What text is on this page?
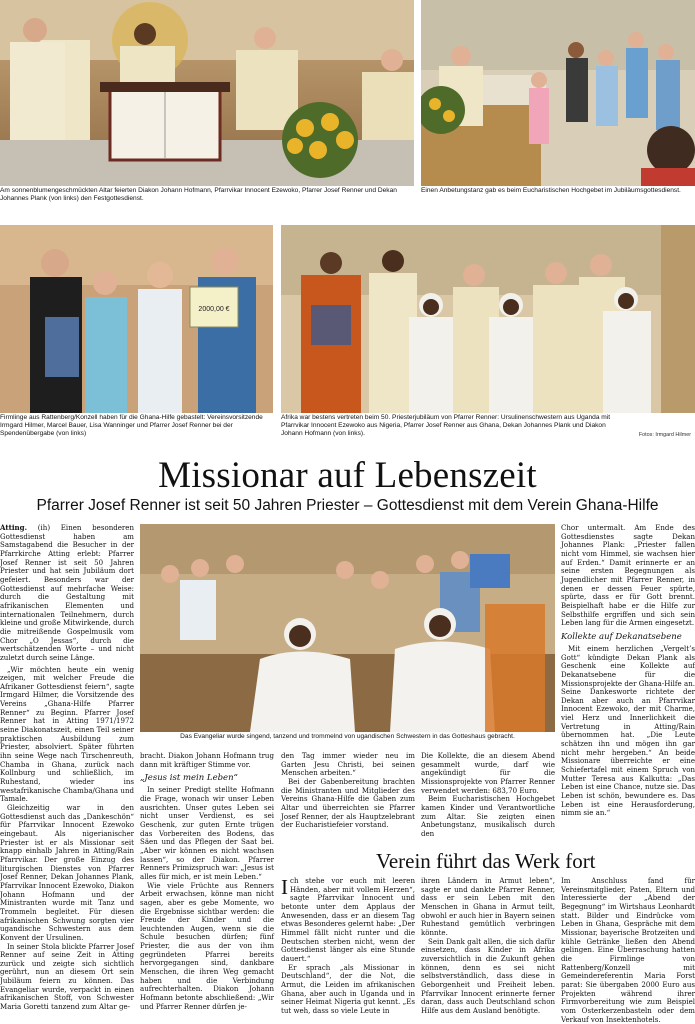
Am sonnenblumengeschmückten Altar feierten Diakon Johann Hofmann, Pfarrvikar Innocent Ezewoko, Pfarrer Josef Renner und Dekan Johannes Plank (von links) den Festgottesdienst.
Einen Anbetungstanz gab es beim Eucharistischen Hochgebet im Jubiläumsgottesdienst.
2000,00 €
Firmlinge aus Rattenberg/Konzell haben für die Ghana-Hilfe gebastelt: Vereinsvorsitzende Irmgard Hilmer, Marcel Bauer, Lisa Wanninger und Pfarrer Josef Renner bei der Spendenübergabe (von links)
Afrika war bestens vertreten beim 50. Priesterjubiläum von Pfarrer Renner: Ursulinenschwestern aus Uganda mit Pfarrvikar Innocent Ezewoko aus Nigeria, Pfarrer Josef Renner aus Ghana, Dekan Johannes Plank und Diakon Johann Hofmann (von links).	Fotos: Irmgard Hilmer
Missionar auf Lebenszeit
Pfarrer Josef Renner ist seit 50 Jahren Priester – Gottesdienst mit dem Verein Ghana-Hilfe
Das Evangeliar wurde singend, tanzend und trommelnd von ugandischen Schwestern in das Gotteshaus gebracht.

Atting. (ih) Einen besonderen Gottesdienst haben am Samstagabend die Besucher in der Pfarrkirche Atting erlebt: Pfarrer Josef Renner ist seit 50 Jahren Priester und hat sein Jubiläum dort gefeiert. Besonders war der Gottesdienst auf mehrfache Weise: durch die Gestaltung mit afrikanischen Elementen und internationalen Teilnehmern, durch kleine und große Mitwirkende, durch die mitreißende Gospelmusik vom Chor „O Jessas“, durch die wertschätzenden Worte – und nicht zuletzt durch seine Länge.

„Wir möchten heute ein wenig zeigen, mit welcher Freude die Afrikaner Gottesdienst feiern“, sagte Irmgard Hilmer, die Vorsitzende des Vereins „Ghana-Hilfe Pfarrer Renner“ zu Beginn. Pfarrer Josef Renner hat in Atting 1971/1972 seine Diakonatszeit, einen Teil seiner praktischen Ausbildung zum Priester, absolviert. Später führten ihn seine Wege nach Tirschenreuth, Chamba in Ghana, zurück nach Kollnburg und schließlich, im Ruhestand, wieder ins westafrikanische Chamba/Ghana und Tamale.

Gleichzeitig war in den Gottesdienst auch das „Dankeschön“ für Pfarrvikar Innocent Ezewoko eingebaut. Als nigerianischer Priester ist er als Missionar seit knapp einhalb Jahren in Atting/Rain Pfarrvikar. Der große Einzug des liturgischen Dienstes von Pfarrer Josef Renner, Dekan Johannes Plank, Pfarrvikar Innocent Ezewoko, Diakon Johann Hofmann und der Ministranten wurde mit Tanz und Trommeln begleitet. Für diesen afrikanischen Schwung sorgten vier ugandische Schwestern aus dem Konvent der Ursulinen.

In seiner Stola blickte Pfarrer Josef Renner auf seine Zeit in Atting zurück und zeigte sich sichtlich gerührt, nun an diesem Ort sein Jubiläum feiern zu können. Das Evangeliar wurde, verpackt in einen afrikanischen Stoff, von Schwester Maria Goretti tanzend zum Altar ge-

bracht. Diakon Johann Hofmann trug dann mit kräftiger Stimme vor.

„Jesus ist mein Leben“

In seiner Predigt stellte Hofmann die Frage, wonach wir unser Leben ausrichten. Unser gutes Leben sei nicht unser Verdienst, es sei Geschenk, zur guten Ernte trügen das Vorbereiten des Bodens, das Säen und das Pflegen der Saat bei. „Aber wir können es nicht wachsen lassen“, so der Diakon. Pfarrer Renners Primizspruch war: „Jesus ist alles für mich, er ist mein Leben.“

Wie viele Früchte aus Renners Arbeit erwachsen, könne man nicht sagen, aber es gebe Momente, wo die Ergebnisse sichtbar werden: die Freude der Kinder und die leuchtenden Augen, wenn sie die Schule besuchen dürfen; fünf Priester, die aus der von ihm gegründeten Pfarrei bereits hervorgegangen sind, dankbare Menschen, die ihren Weg gemacht haben und die Verbindung aufrechterhalten. Diakon Johann Hofmann betonte abschließend: „Wir und Pfarrer Renner dürfen je-

den Tag immer wieder neu im Garten Jesu Christi, bei seinen Menschen arbeiten.“

Bei der Gabenbereitung brachten die Ministranten und Mitglieder des Vereins Ghana-Hilfe die Gaben zum Altar und überreichten sie Pfarrer Josef Renner, der als Hauptzelebrant der Eucharistiefeier vorstand.

Die Kollekte, die an diesem Abend gesammelt wurde, darf wie angekündigt für die Missionsprojekte von Pfarrer Renner verwendet werden: 683,70 Euro.

Beim Eucharistischen Hochgebet kamen Kinder und Verantwortliche zum Altar. Sie zeigten einen Anbetungstanz, musikalisch durch den

Chor untermalt. Am Ende des Gottesdienstes sagte Dekan Johannes Plank: „Priester fallen nicht vom Himmel, sie wachsen hier auf Erden.“ Damit erinnerte er an seine ersten Begegnungen als Jugendlicher mit Pfarrer Renner, in denen er dessen Feuer spürte, spürte, dass er für Gott brennt. Beispielhaft habe er die Hilfe zur Selbsthilfe ergriffen und sich sein Leben lang für die Armen eingesetzt.

Kollekte auf Dekanatsebene

Mit einem herzlichen „Vergelt’s Gott“ kündigte Dekan Plank als Geschenk eine Kollekte auf Dekanatsebene für die Missionsprojekte der Ghana-Hilfe an. Seine Dankesworte richtete der Dekan aber auch an Pfarrvikar Innocent Ezewoko, der mit Charme, viel Herz und Innerlichkeit die Vertretung in Atting/Rain übernommen hat. „Die Leute schätzen ihn und mögen ihn gar nicht mehr hergeben.“ An beide Missionare überreichte er eine Schiefertafel mit einem Spruch von Mutter Teresa aus Kalkutta: „Das Leben ist eine Chance, nutze sie. Das Leben ist schön, bewundere es. Das Leben ist eine Herausforderung, nimm sie an.“

Verein führt das Werk fort

Ich stehe vor euch mit leeren Händen, aber mit vollem Herzen“, sagte Pfarrvikar Innocent und betonte unter dem Applaus der Anwesenden, dass er an diesem Tag etwas Besonderes gelernt habe: „Der Himmel fällt nicht runter und die Deutschen sterben nicht, wenn der Gottesdienst länger als eine Stunde dauert.“

Er sprach „als Missionar in Deutschland“, der die Not, die Armut, die Leiden im afrikanischen Ghana, aber auch in Uganda und in seiner Heimat Nigeria gut kennt. „Es tut weh, dass so viele Leute in

ihren Ländern in Armut leben“, sagte er und dankte Pfarrer Renner, dass er sein Leben mit den Menschen in Ghana in Armut teilt, obwohl er auch hier in Bayern seinen Ruhestand gemütlich verbringen könnte.

Sein Dank galt allen, die sich dafür einsetzen, dass Kinder in Afrika zuversichtlich in die Zukunft gehen können, denn es sei nicht selbstverständlich, dass diese in Geborgenheit und Freiheit leben. Pfarrvikar Innocent erinnerte ferner daran, dass auch Deutschland schon Hilfe aus dem Ausland benötigte.

Im Anschluss fand für Vereinsmitglieder, Paten, Eltern und Interessierte der „Abend der Begegnung“ im Wirtshaus Leonhardt statt. Bilder und Eindrücke vom Leben in Ghana, Gespräche mit dem Missionar, bayerische Brotzeiten und kühle Getränke ließen den Abend gelingen. Eine Überraschung hatten die Firmlinge von Rattenberg/Konzell mit Gemeindereferentin Maria Forst parat: Sie übergaben 2000 Euro aus Projekten während ihrer Firmvorbereitung wie zum Beispiel vom Osterkerzenbasteln oder dem Verkauf von Insektenhotels.
